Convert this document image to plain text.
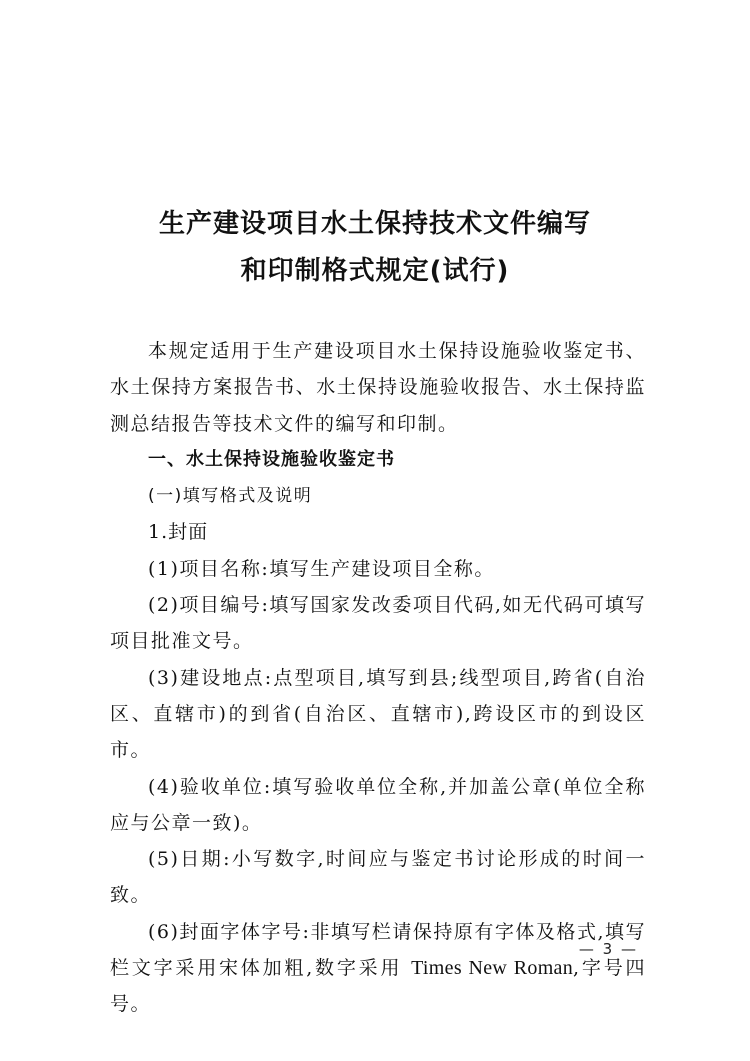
生产建设项目水土保持技术文件编写
和印制格式规定(试行)

本规定适用于生产建设项目水土保持设施验收鉴定书、水土保持方案报告书、水土保持设施验收报告、水土保持监测总结报告等技术文件的编写和印制。

一、水土保持设施验收鉴定书

(一)填写格式及说明

1.封面

(1)项目名称:填写生产建设项目全称。

(2)项目编号:填写国家发改委项目代码,如无代码可填写项目批准文号。

(3)建设地点:点型项目,填写到县;线型项目,跨省(自治区、直辖市)的到省(自治区、直辖市),跨设区市的到设区市。

(4)验收单位:填写验收单位全称,并加盖公章(单位全称应与公章一致)。

(5)日期:小写数字,时间应与鉴定书讨论形成的时间一致。

(6)封面字体字号:非填写栏请保持原有字体及格式,填写栏文字采用宋体加粗,数字采用 Times New Roman,字号四号。

— 3 —
